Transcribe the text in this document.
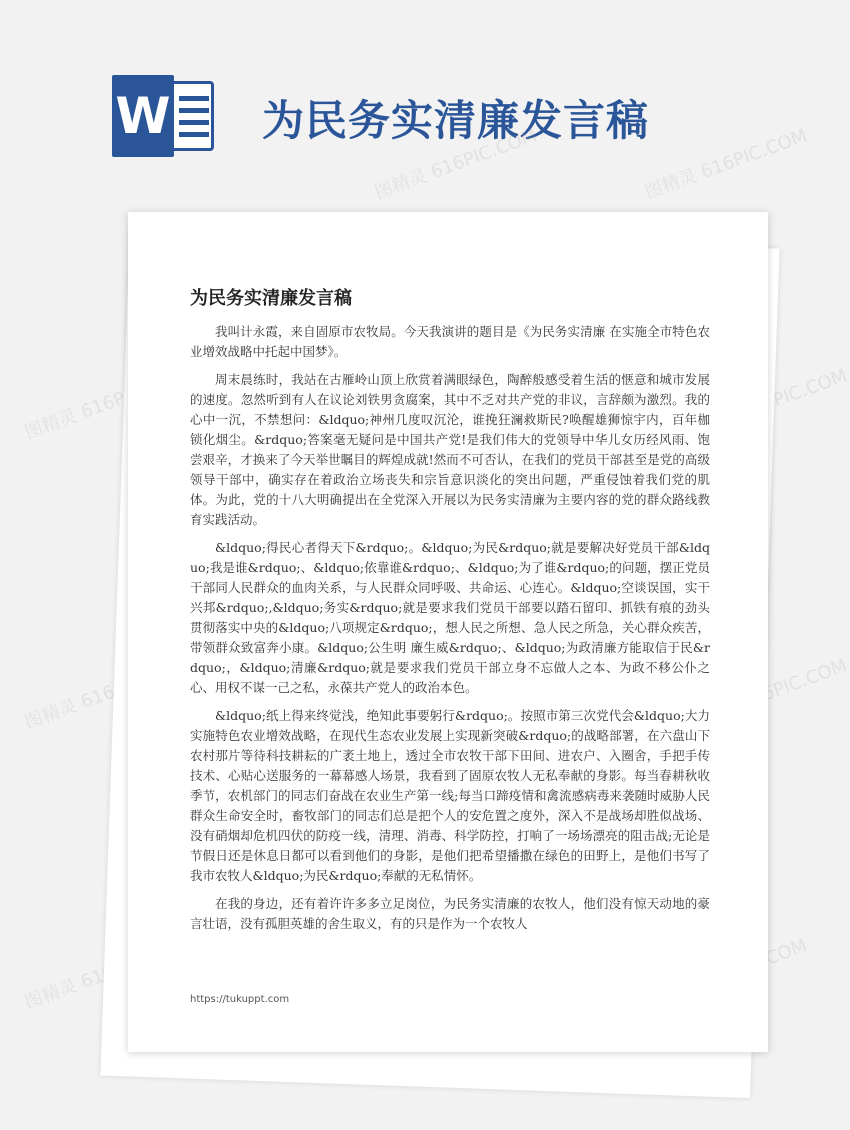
W 为民务实清廉发言稿
图精灵 616PIC.COM	图精灵 616PIC.COM
图精灵 616PIC.COM	616PIC.COM
图精灵 616PIC.COM	616PIC.COM
图精灵
为民务实清廉发言稿

我叫计永霞，来自固原市农牧局。今天我演讲的题目是《为民务实清廉 在实施全市特色农业增效战略中托起中国梦》。

周末晨练时，我站在古雁岭山顶上欣赏着满眼绿色，陶醉般感受着生活的惬意和城市发展的速度。忽然听到有人在议论刘铁男贪腐案，其中不乏对共产党的非议，言辞颇为激烈。我的心中一沉，不禁想问：&ldquo;神州几度叹沉沦，谁挽狂澜救斯民?唤醒雄狮惊宇内，百年枷锁化烟尘。&rdquo;答案毫无疑问是中国共产党!是我们伟大的党领导中华儿女历经风雨、饱尝艰辛，才换来了今天举世瞩目的辉煌成就!然而不可否认，在我们的党员干部甚至是党的高级领导干部中，确实存在着政治立场丧失和宗旨意识淡化的突出问题，严重侵蚀着我们党的肌体。为此，党的十八大明确提出在全党深入开展以为民务实清廉为主要内容的党的群众路线教育实践活动。

&ldquo;得民心者得天下&rdquo;。&ldquo;为民&rdquo;就是要解决好党员干部&ldquo;我是谁&rdquo;、&ldquo;依靠谁&rdquo;、&ldquo;为了谁&rdquo;的问题，摆正党员干部同人民群众的血肉关系，与人民群众同呼吸、共命运、心连心。&ldquo;空谈误国，实干兴邦&rdquo;,&ldquo;务实&rdquo;就是要求我们党员干部要以踏石留印、抓铁有痕的劲头贯彻落实中央的&ldquo;八项规定&rdquo;，想人民之所想、急人民之所急，关心群众疾苦，带领群众致富奔小康。&ldquo;公生明 廉生威&rdquo;、&ldquo;为政清廉方能取信于民&rdquo;，&ldquo;清廉&rdquo;就是要求我们党员干部立身不忘做人之本、为政不移公仆之心、用权不谋一己之私，永葆共产党人的政治本色。

&ldquo;纸上得来终觉浅，绝知此事要躬行&rdquo;。按照市第三次党代会&ldquo;大力实施特色农业增效战略，在现代生态农业发展上实现新突破&rdquo;的战略部署，在六盘山下农村那片等待科技耕耘的广袤土地上，透过全市农牧干部下田间、进农户、入圈舍，手把手传技术、心贴心送服务的一幕幕感人场景，我看到了固原农牧人无私奉献的身影。每当春耕秋收季节，农机部门的同志们奋战在农业生产第一线;每当口蹄疫情和禽流感病毒来袭随时威胁人民群众生命安全时，畜牧部门的同志们总是把个人的安危置之度外，深入不是战场却胜似战场、没有硝烟却危机四伏的防疫一线，清理、消毒、科学防控，打响了一场场漂亮的阻击战;无论是节假日还是休息日都可以看到他们的身影，是他们把希望播撒在绿色的田野上，是他们书写了我市农牧人&ldquo;为民&rdquo;奉献的无私情怀。

在我的身边，还有着许许多多立足岗位，为民务实清廉的农牧人，他们没有惊天动地的豪言壮语，没有孤胆英雄的舍生取义，有的只是作为一个农牧人

https://tukuppt.com
